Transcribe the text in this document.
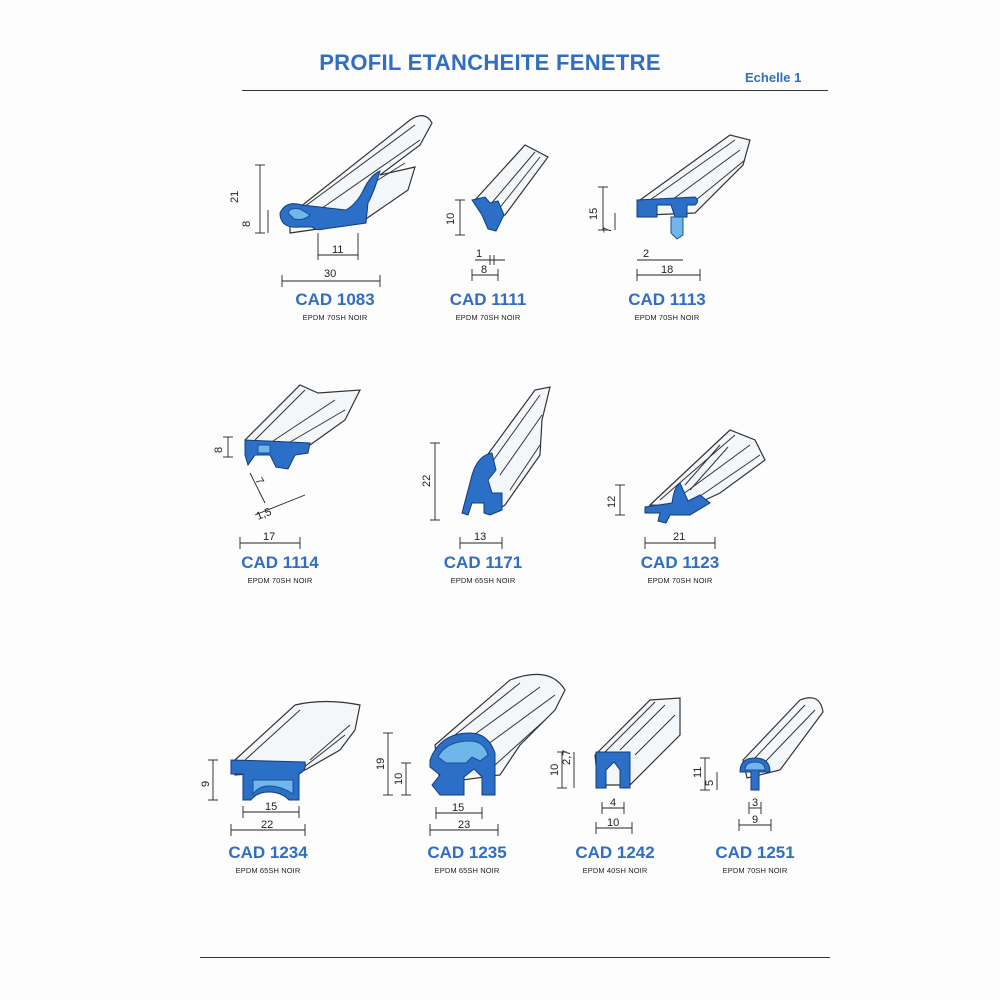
PROFIL ETANCHEITE FENETRE
Echelle 1
21
8
11
30
CAD 1083
EPDM 70SH NOIR
10
1
8
CAD 1111
EPDM 70SH NOIR
15
7
2
18
CAD 1113
EPDM 70SH NOIR
8
7
1,5
17
CAD 1114
EPDM 70SH NOIR
22
13
CAD 1171
EPDM 65SH NOIR
12
21
CAD 1123
EPDM 70SH NOIR
9
15
22
CAD 1234
EPDM 65SH NOIR
19
10
15
23
CAD 1235
EPDM 65SH NOIR
10
2,7
4
10
CAD 1242
EPDM 40SH NOIR
11
5
3
9
CAD 1251
EPDM 70SH NOIR
